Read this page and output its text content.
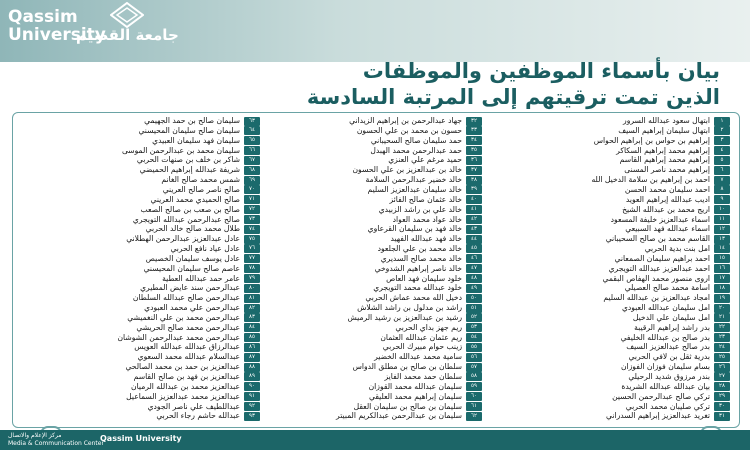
Qassim
University
جامعة القصيم
بيان بأسماء الموظفين والموظفات
الذين تمت ترقيتهم إلى المرتبة السادسة
١ابتهال سعود عبدالله السرور
٢ابتهال سليمان إبراهيم السيف
٣إبراهيم بن حواس بن إبراهيم الحواس
٤إبراهيم محمد إبراهيم السكاكر
٥إبراهيم محمد إبراهيم القاسم
٦إبراهيم محمد ناصر المسنى
٧احمد بن إبراهيم بن سلامة الدخيل الله
٨احمد سليمان محمد الحسن
٩اديب عبدالله إبراهيم العويد
١٠اريج محمد بن عبدالله الشيخ
١١اسماء عبدالعزيز خليفة المسعود
١٢اسماء عبدالله فهد السبيعي
١٣القاسم محمد بن صالح السحيباني
١٤امل بنت بدية الحربي
١٥احمد براهيم سليمان الصمعاني
١٦احمد عبدالعزيز عبدالله التويجري
١٧اروى منصور محمد الهفاص البقمي
١٨اسامة محمد صالح العصيلي
١٩امجاد عبدالعزيز بن عبدالله السليم
٢٠امل سليمان عبدالله العبودي
٢١امل سليمان علي الدخيل
٢٢بدر راشد إبراهيم الرقيبة
٢٣بدر صالح بن عبدالله الخليفي
٢٤بدر صالح عبدالعزيز السيف
٢٥بدرية ثقل بن لافي الحربي
٢٦بسام سليمان فوزان الفوزان
٢٧بندر مرزوق شديد الرحيلي
٢٨بيان عبدالله عبدالله الشريدة
٢٩تركي صالح عبدالرحمن الحسين
٣٠تركي صليبان محمد الحربي
٣١تغريد عبدالعزيز إبراهيم السدراني
٣٢جهاد عبدالرحمن بن إبراهيم الزيداني
٣٣حسون بن محمد بن علي الحسون
٣٤حمد سليمان صالح السحيباني
٣٥حمد عبدالرحمن محمد الهبدل
٣٦حميد مرغم علي العنزي
٣٧خالد بن عبدالعزيز بن علي الحسون
٣٨خالد خضير عبدالرحمن السلامة
٣٩خالد سليمان عبدالعزيز السليم
٤٠خالد عثمان صالح الفائز
٤١خالد علي بن راشد الزبيدي
٤٢خالد عواد محمد العواد
٤٣خالد فهد بن سليمان القرعاوي
٤٤خالد فهد عبدالله الفهيد
٤٥خالد محمد بن علي الجلعود
٤٦خالد محمد صالح السديري
٤٧خالد ناصر إبراهيم الشدوخي
٤٨خلود سليمان فهد العاص
٤٩خلود عبدالله محمد التويجري
٥٠دخيل الله محمد عماش الحربي
٥١راشد بن مدلول بن راشد الشلاش
٥٢رشيد بن عبدالعزيز بن رشيد الرميش
٥٣ريم جهز بداي الحربي
٥٤ريم عثمان عبدالله العثمان
٥٥زينب حوام مبيرك الحربي
٥٦سامية محمد عبدالله الخضير
٥٧سلطان بن صالح بن مطلق الدواس
٥٨سلطان حمد محمد الفايز
٥٩سليمان عبدالله محمد القوزان
٦٠سليمان إبراهيم محمد العليقي
٦١سليمان بن صالح بن سليمان العقل
٦٢سليمان بن عبدالرحمن عبدالكريم المبيتر
٦٣سليمان صالح بن حمد الجهيمي
٦٤سليمان صالح سليمان المحيسني
٦٥سليمان فهد سليمان العبيدي
٦٦سليمان محمد بن عبدالرحمن الموسى
٦٧شاكر بن خلف بن صنهات الحربي
٦٨شريفة عبدالله إبراهيم الحميضي
٦٩شمس محمد صالح الغانم
٧٠صالح ناصر صالح العريني
٧١صالح الحميدي محمد العريني
٧٢صالح بن صعب بن صالح الصعب
٧٣صالح عبدالرحمن عبدالله التويجري
٧٤طلال محمد صالح خالد الحربي
٧٥عادل عبدالعزيز عبدالرحمن الهطلاني
٧٦عادل عياد نافع الحربي
٧٧عادل يوسف سليمان الخصيص
٧٨عاصم صالح سليمان المحيسني
٧٩عامر حمد عبدالله العطية
٨٠عبدالرحمن سند عايض المطيري
٨١عبدالرحمن صالح عبدالله السلطان
٨٢عبدالرحمن علي محمد العبودي
٨٣عبدالرحمن محمد بن علي النغميشي
٨٤عبدالرحمن محمد صالح الحريشي
٨٥عبدالرحمن محمد عبدالرحمن الشوشان
٨٦عبدالرزاق عبدالله عبدالله العويس
٨٧عبدالسلام عبدالله محمد السعوي
٨٨عبدالعزيز بن حمد بن محمد الصالحي
٨٩عبدالعزيز بن فهد بن صالح القاسم
٩٠عبدالعزيز محمد بن عبدالله الرميان
٩١عبدالعزيز محمد عبدالعزيز السماعيل
٩٢عبداللطيف علي ناصر الجودي
٩٣عبدالله حاشم رجاء الحربي
مركز الإعلام والاتصال
Media & Communication Center
Qassim University
